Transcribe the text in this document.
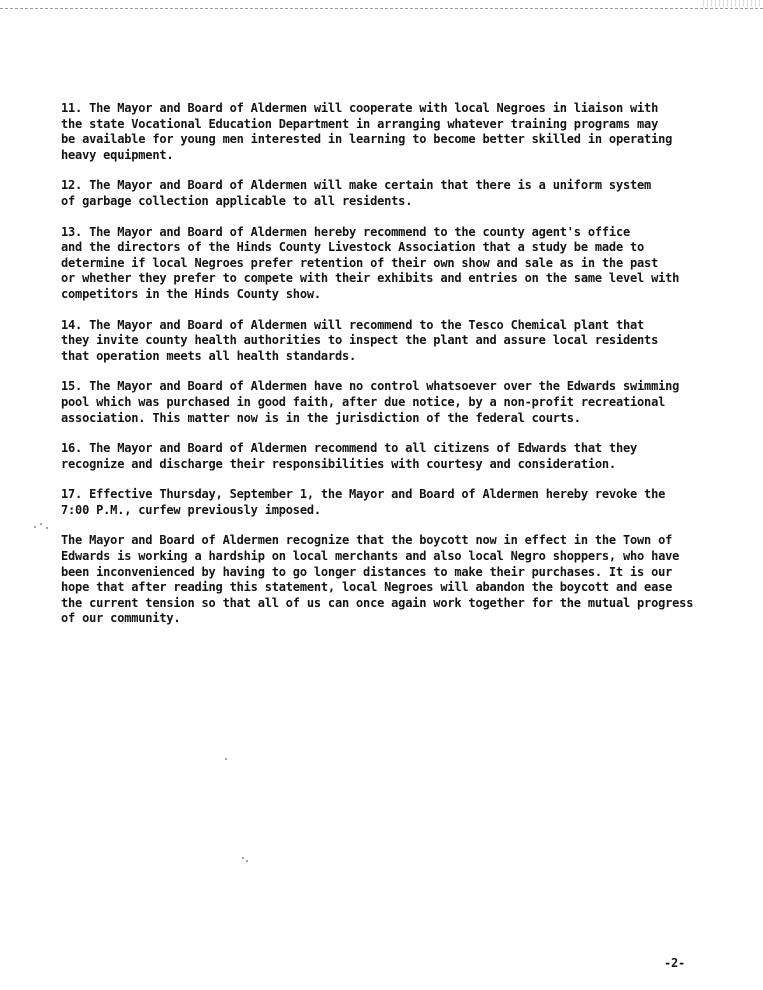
11. The Mayor and Board of Aldermen will cooperate with local Negroes in liaison with
the state Vocational Education Department in arranging whatever training programs may
be available for young men interested in learning to become better skilled in operating
heavy equipment.

12. The Mayor and Board of Aldermen will make certain that there is a uniform system
of garbage collection applicable to all residents.

13. The Mayor and Board of Aldermen hereby recommend to the county agent's office
and the directors of the Hinds County Livestock Association that a study be made to
determine if local Negroes prefer retention of their own show and sale as in the past
or whether they prefer to compete with their exhibits and entries on the same level with
competitors in the Hinds County show.

14. The Mayor and Board of Aldermen will recommend to the Tesco Chemical plant that
they invite county health authorities to inspect the plant and assure local residents
that operation meets all health standards.

15. The Mayor and Board of Aldermen have no control whatsoever over the Edwards swimming
pool which was purchased in good faith, after due notice, by a non-profit recreational
association. This matter now is in the jurisdiction of the federal courts.

16. The Mayor and Board of Aldermen recommend to all citizens of Edwards that they
recognize and discharge their responsibilities with courtesy and consideration.

17. Effective Thursday, September 1, the Mayor and Board of Aldermen hereby revoke the
7:00 P.M., curfew previously imposed.

The Mayor and Board of Aldermen recognize that the boycott now in effect in the Town of
Edwards is working a hardship on local merchants and also local Negro shoppers, who have
been inconvenienced by having to go longer distances to make their purchases. It is our
hope that after reading this statement, local Negroes will abandon the boycott and ease
the current tension so that all of us can once again work together for the mutual progress
of our community.

-2-
